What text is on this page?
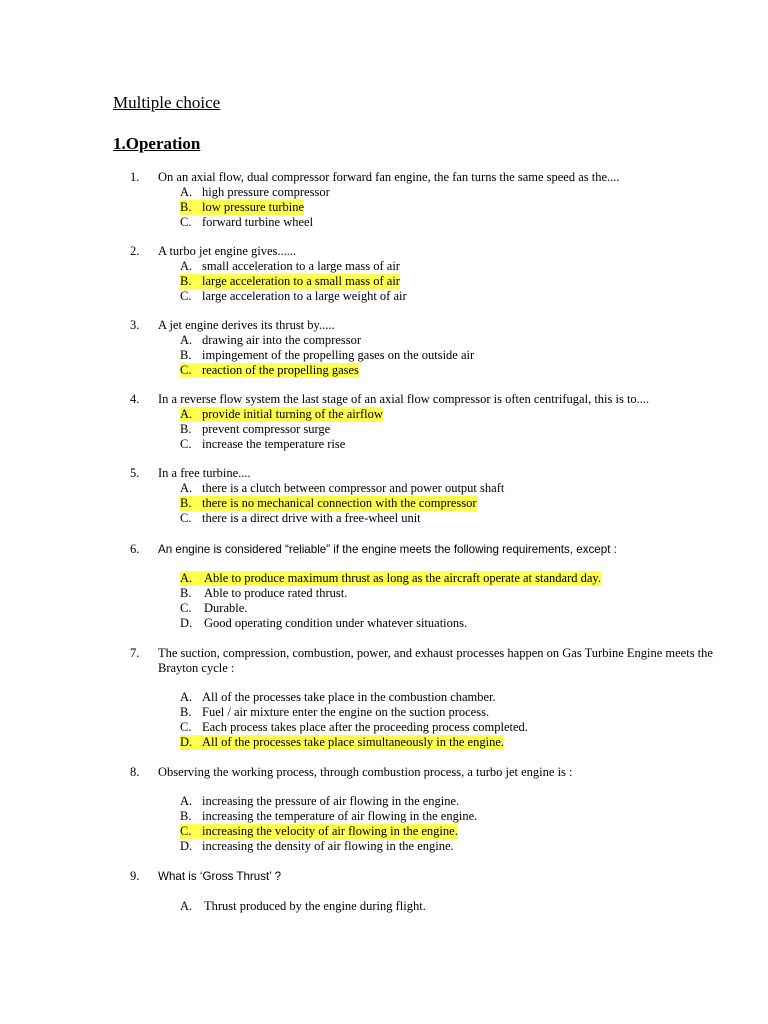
Multiple choice
1.Operation
1. On an axial flow, dual compressor forward fan engine, the fan turns the same speed as the....
A. high pressure compressor
B. low pressure turbine
C. forward turbine wheel
2. A turbo jet engine gives......
A. small acceleration to a large mass of air
B. large acceleration to a small mass of air
C. large acceleration to a large weight of air
3. A jet engine derives its thrust by.....
A. drawing air into the compressor
B. impingement of the propelling gases on the outside air
C. reaction of the propelling gases
4. In a reverse flow system the last stage of an axial flow compressor is often centrifugal, this is to....
A. provide initial turning of the airflow
B. prevent compressor surge
C. increase the temperature rise
5. In a free turbine....
A. there is a clutch between compressor and power output shaft
B. there is no mechanical connection with the compressor
C. there is a direct drive with a free-wheel unit
6. An engine is considered “reliable” if the engine meets the following requirements, except :
A. Able to produce maximum thrust as long as the aircraft operate at standard day.
B. Able to produce rated thrust.
C. Durable.
D. Good operating condition under whatever situations.
7. The suction, compression, combustion, power, and exhaust processes happen on Gas Turbine Engine meets the Brayton cycle :
A. All of the processes take place in the combustion chamber.
B. Fuel / air mixture enter the engine on the suction process.
C. Each process takes place after the proceeding process completed.
D. All of the processes take place simultaneously in the engine.
8. Observing the working process, through combustion process, a turbo jet engine is :
A. increasing the pressure of air flowing in the engine.
B. increasing the temperature of air flowing in the engine.
C. increasing the velocity of air flowing in the engine.
D. increasing the density of air flowing in the engine.
9. What is ‘Gross Thrust’ ?
A. Thrust produced by the engine during flight.
